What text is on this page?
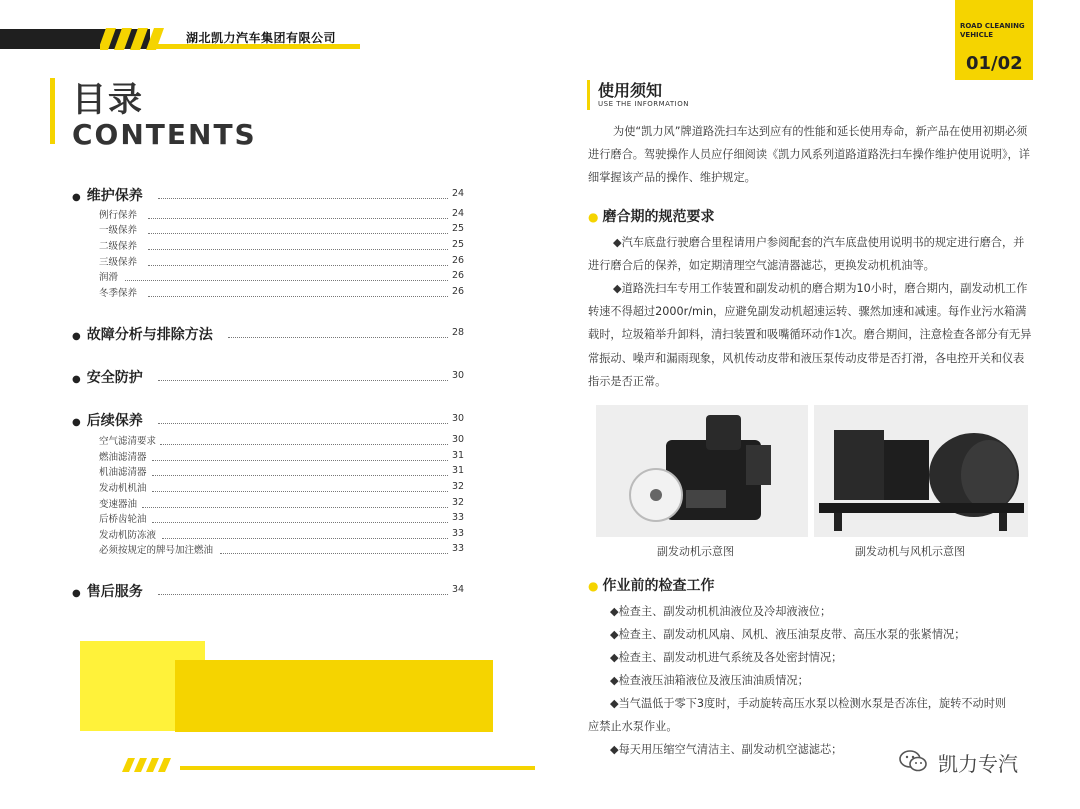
湖北凯力汽车集团有限公司
目录
CONTENTS
● 维护保养	24
例行保养	24
一级保养	25
二级保养	25
三级保养	26
润滑	26
冬季保养	26
● 故障分析与排除方法	28
● 安全防护	30
● 后续保养	30
空气滤清要求	30
燃油滤清器	31
机油滤清器	31
发动机机油	32
变速器油	32
后桥齿轮油	33
发动机防冻液	33
必须按规定的牌号加注燃油	33
● 售后服务	34
ROAD CLEANING
VEHICLE
01/02
使用须知
USE THE INFORMATION
为使“凯力风”牌道路洗扫车达到应有的性能和延长使用寿命，新产品在使用初期必须进行磨合。驾驶操作人员应仔细阅读《凯力风系列道路道路洗扫车操作维护使用说明》，详细掌握该产品的操作、维护规定。
● 磨合期的规范要求
◆汽车底盘行驶磨合里程请用户参阅配套的汽车底盘使用说明书的规定进行磨合，并进行磨合后的保养，如定期清理空气滤清器滤芯，更换发动机机油等。
◆道路洗扫车专用工作装置和副发动机的磨合期为10小时，磨合期内，副发动机工作转速不得超过2000r/min，应避免副发动机超速运转、骤然加速和减速。每作业污水箱满载时，垃圾箱举升卸料，清扫装置和吸嘴循环动作1次。磨合期间，注意检查各部分有无异常振动、噪声和漏雨现象，风机传动皮带和液压泵传动皮带是否打滑，各电控开关和仪表指示是否正常。
副发动机示意图	副发动机与风机示意图
● 作业前的检查工作
◆检查主、副发动机机油液位及冷却液液位；
◆检查主、副发动机风扇、风机、液压油泵皮带、高压水泵的张紧情况；
◆检查主、副发动机进气系统及各处密封情况；
◆检查液压油箱液位及液压油油质情况；
◆当气温低于零下3度时，手动旋转高压水泵以检测水泵是否冻住，旋转不动时则
应禁止水泵作业。
◆每天用压缩空气清洁主、副发动机空滤滤芯；
凯力专汽
